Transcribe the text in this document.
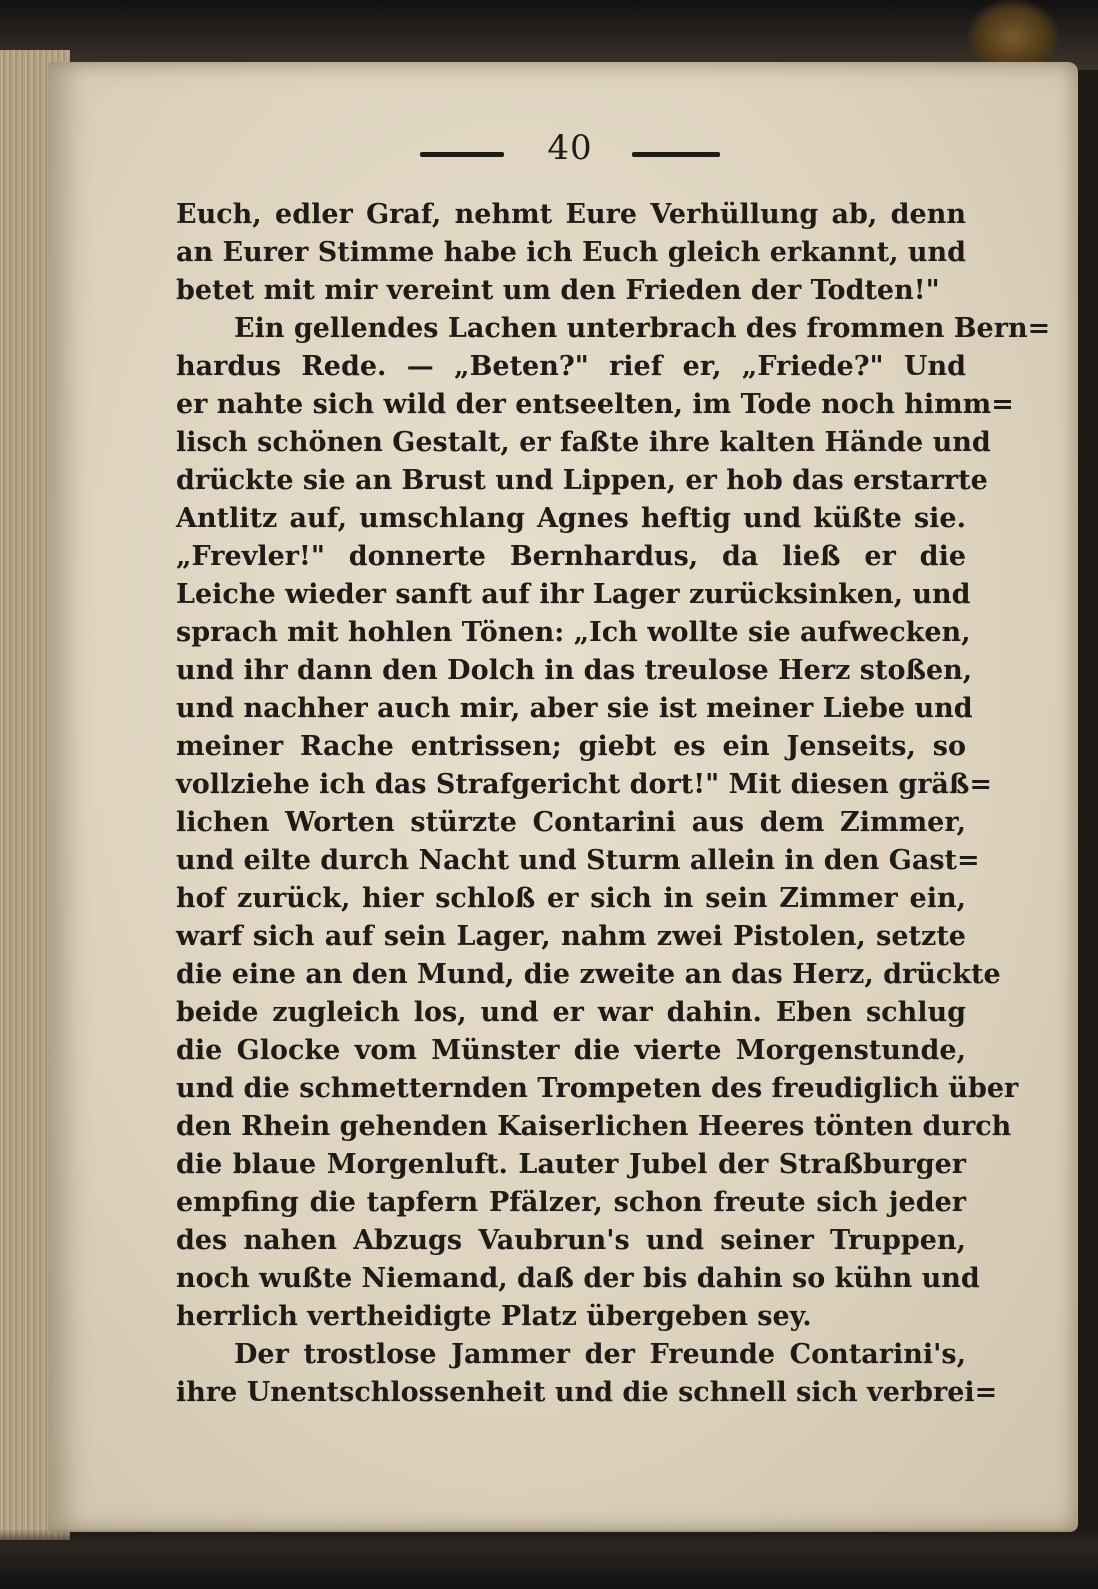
40
Euch, edler Graf, nehmt Eure Verhüllung ab, denn
an Eurer Stimme habe ich Euch gleich erkannt, und
betet mit mir vereint um den Frieden der Todten!"
Ein gellendes Lachen unterbrach des frommen Bern=
hardus Rede. — „Beten?" rief er, „Friede?" Und
er nahte sich wild der entseelten, im Tode noch himm=
lisch schönen Gestalt, er faßte ihre kalten Hände und
drückte sie an Brust und Lippen, er hob das erstarrte
Antlitz auf, umschlang Agnes heftig und küßte sie.
„Frevler!" donnerte Bernhardus, da ließ er die
Leiche wieder sanft auf ihr Lager zurücksinken, und
sprach mit hohlen Tönen: „Ich wollte sie aufwecken,
und ihr dann den Dolch in das treulose Herz stoßen,
und nachher auch mir, aber sie ist meiner Liebe und
meiner Rache entrissen; giebt es ein Jenseits, so
vollziehe ich das Strafgericht dort!" Mit diesen gräß=
lichen Worten stürzte Contarini aus dem Zimmer,
und eilte durch Nacht und Sturm allein in den Gast=
hof zurück, hier schloß er sich in sein Zimmer ein,
warf sich auf sein Lager, nahm zwei Pistolen, setzte
die eine an den Mund, die zweite an das Herz, drückte
beide zugleich los, und er war dahin. Eben schlug
die Glocke vom Münster die vierte Morgenstunde,
und die schmetternden Trompeten des freudiglich über
den Rhein gehenden Kaiserlichen Heeres tönten durch
die blaue Morgenluft. Lauter Jubel der Straßburger
empfing die tapfern Pfälzer, schon freute sich jeder
des nahen Abzugs Vaubrun's und seiner Truppen,
noch wußte Niemand, daß der bis dahin so kühn und
herrlich vertheidigte Platz übergeben sey.
Der trostlose Jammer der Freunde Contarini's,
ihre Unentschlossenheit und die schnell sich verbrei=
